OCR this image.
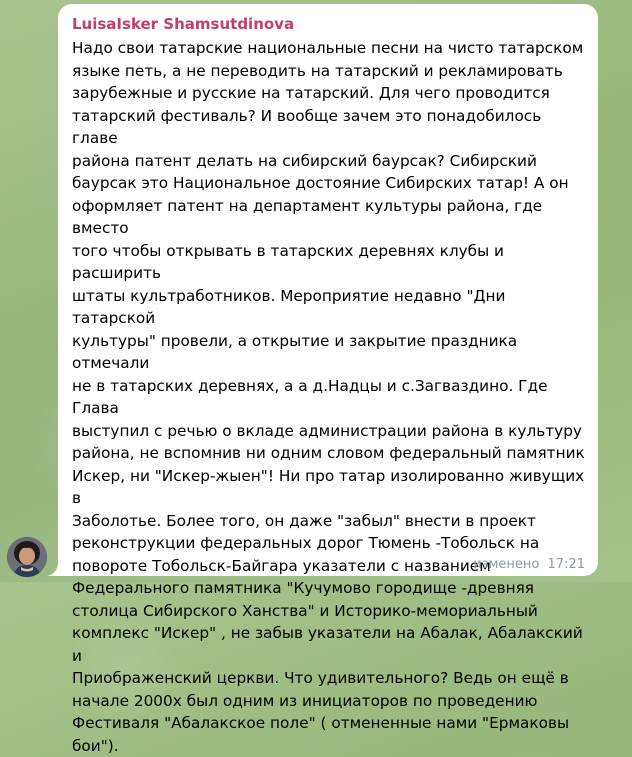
LuisaIsker Shamsutdinova

Надо свои татарские национальные песни на чисто татарском
языке петь, а не переводить на татарский и рекламировать
зарубежные и русские на татарский. Для чего проводится
татарский фестиваль? И вообще зачем это понадобилось главе
района патент делать на сибирский баурсак? Сибирский
баурсак это Национальное достояние Сибирских татар! А он
оформляет патент на департамент культуры района, где вместо
того чтобы открывать в татарских деревнях клубы и расширить
штаты культработников. Мероприятие недавно "Дни татарской
культуры" провели, а открытие и закрытие праздника отмечали
не в татарских деревнях, а а д.Надцы и с.Загваздино. Где Глава
выступил с речью о вкладе администрации района в культуру
района, не вспомнив ни одним словом федеральный памятник
Искер, ни "Искер-жыен"! Ни про татар изолированно живущих в
Заболотье. Более того, он даже "забыл" внести в проект
реконструкции федеральных дорог Тюмень -Тобольск на
повороте Тобольск-Байгара указатели с названием
Федерального памятника "Кучумово городище -древняя
столица Сибирского Ханства" и Историко-мемориальный
комплекс "Искер" , не забыв указатели на Абалак, Абалакский и
Приображенский церкви. Что удивительного? Ведь он ещё в
начале 2000х был одним из инициаторов по проведению
Фестиваля "Абалакское поле" ( отмененные нами "Ермаковы
бои").

изменено 17:21
